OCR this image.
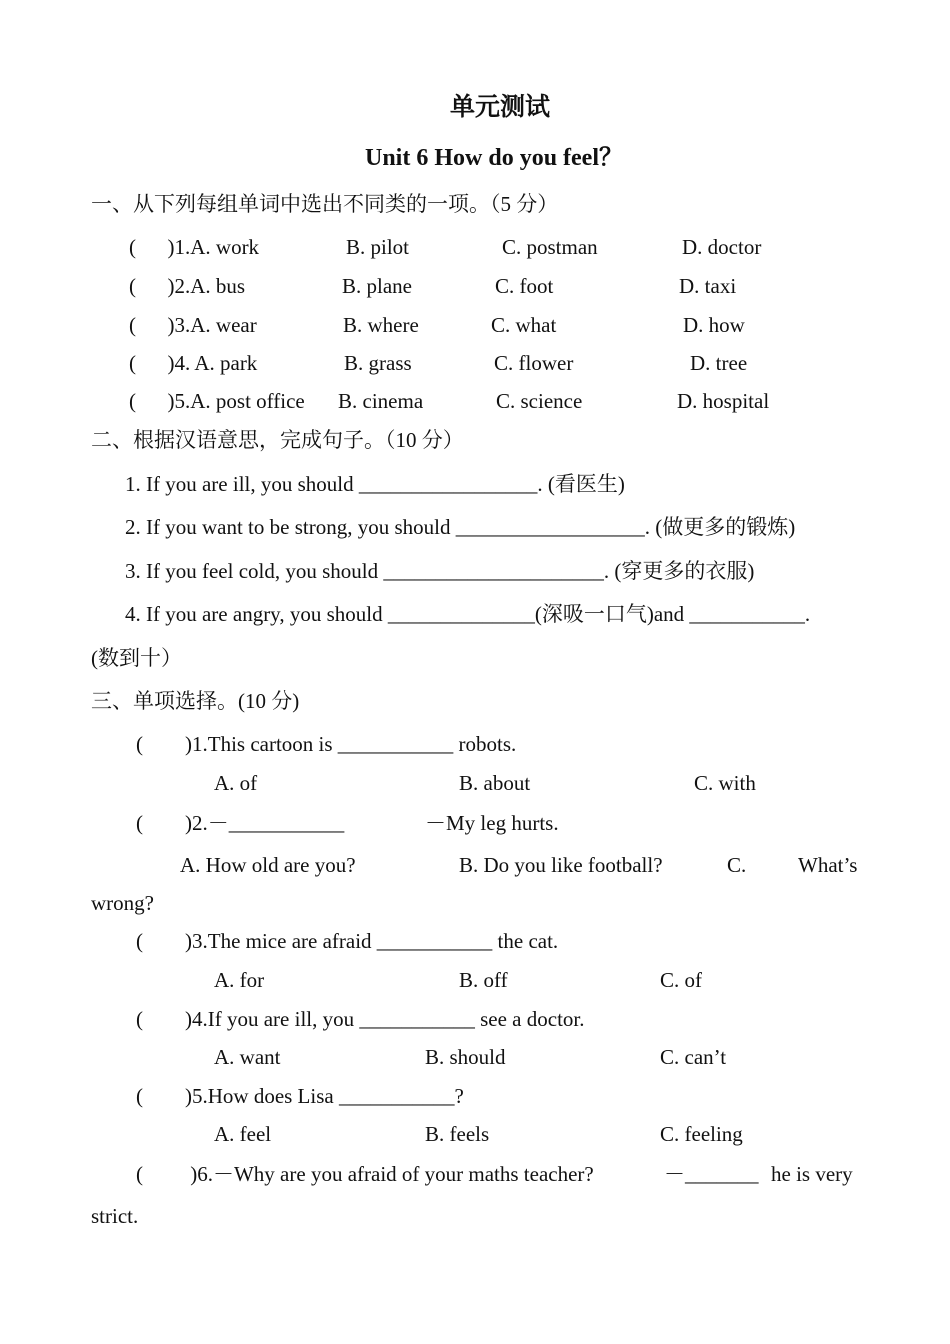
单元测试
Unit 6 How do you feel？
一、从下列每组单词中选出不同类的一项。（5 分）
(      )1.A. work	B. pilot	C. postman	D. doctor
(      )2.A. bus	B. plane	C. foot	D. taxi
(      )3.A. wear	B. where	C. what	D. how
(      )4. A. park	B. grass	C. flower	D. tree
(      )5.A. post office B. cinema	C. science	D. hospital
二、根据汉语意思，完成句子。（10 分）
1. If you are ill, you should _________________. (看医生)
2. If you want to be strong, you should __________________. (做更多的锻炼)
3. If you feel cold, you should _____________________. (穿更多的衣服)
4. If you are angry, you should ______________(深吸一口气)and ___________.
(数到十）
三、单项选择。(10 分)
(        )1.This cartoon is ___________ robots.
A. of	B. about	C. with
(        )2.－___________	－My leg hurts.
A. How old are you?	B. Do you like football?	C. What’s
wrong?
(        )3.The mice are afraid ___________ the cat.
A. for	B. off	C. of
(        )4.If you are ill, you ___________ see a doctor.
A. want	B. should	C. can’t
(        )5.How does Lisa ___________?
A. feel	B. feels	C. feeling
(         )6.－Why are you afraid of your maths teacher?	－_______ he is very
strict.
